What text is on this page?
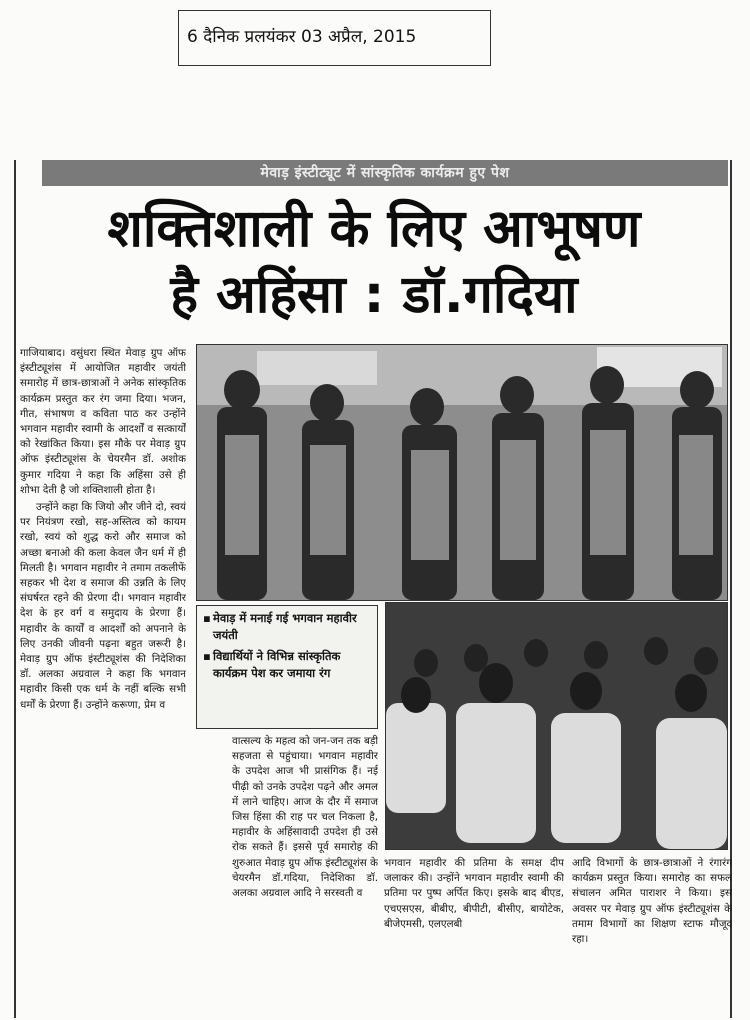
6 दैनिक प्रलयंकर 03 अप्रैल, 2015
मेवाड़ इंस्टीट्यूट में सांस्कृतिक कार्यक्रम हुए पेश
शक्तिशाली के लिए आभूषण
है अहिंसा : डॉ.गदिया

गाजियाबाद। वसुंधरा स्थित मेवाड़ ग्रुप ऑफ इंस्टीट्यूशंस में आयोजित महावीर जयंती समारोह में छात्र-छात्राओं ने अनेक सांस्कृतिक कार्यक्रम प्रस्तुत कर रंग जमा दिया। भजन, गीत, संभाषण व कविता पाठ कर उन्होंने भगवान महावीर स्वामी के आदर्शों व सत्कार्यों को रेखांकित किया। इस मौके पर मेवाड़ ग्रुप ऑफ इंस्टीट्यूशंस के चेयरमैन डॉ. अशोक कुमार गदिया ने कहा कि अहिंसा उसे ही शोभा देती है जो शक्तिशाली होता है।

उन्होंने कहा कि जियो और जीने दो, स्वयं पर नियंत्रण रखो, सह-अस्तित्व को कायम रखो, स्वयं को शुद्ध करो और समाज को अच्छा बनाओ की कला केवल जैन धर्म में ही मिलती है। भगवान महावीर ने तमाम तकलीफें सहकर भी देश व समाज की उन्नति के लिए संघर्षरत रहने की प्रेरणा दी। भगवान महावीर देश के हर वर्ग व समुदाय के प्रेरणा हैं। महावीर के कार्यों व आदर्शों को अपनाने के लिए उनकी जीवनी पढ़ना बहुत जरूरी है। मेवाड़ ग्रुप ऑफ इंस्टीट्यूशंस की निदेशिका डॉ. अलका अग्रवाल ने कहा कि भगवान महावीर किसी एक धर्म के नहीं बल्कि सभी धर्मों के प्रेरणा हैं। उन्होंने करूणा, प्रेम व

▪ मेवाड़ में मनाई गई भगवान महावीर जयंती
▪ विद्यार्थियों ने विभिन्न सांस्कृतिक कार्यक्रम पेश कर जमाया रंग

वात्सल्य के महत्व को जन-जन तक बड़ी सहजता से पहुंचाया। भगवान महावीर के उपदेश आज भी प्रासंगिक हैं। नई पीढ़ी को उनके उपदेश पढ़ने और अमल में लाने चाहिए। आज के दौर में समाज जिस हिंसा की राह पर चल निकला है, महावीर के अहिंसावादी उपदेश ही उसे रोक सकते हैं। इससे पूर्व समारोह की शुरुआत मेवाड़ ग्रुप ऑफ इंस्टीट्यूशंस के चेयरमैन डॉ.गदिया, निदेशिका डॉ. अलका अग्रवाल आदि ने सरस्वती व

भगवान महावीर की प्रतिमा के समक्ष दीप जलाकर की। उन्होंने भगवान महावीर स्वामी की प्रतिमा पर पुष्प अर्पित किए। इसके बाद बीएड, एचएसएस, बीबीए, बीपीटी, बीसीए, बायोटेक, बीजेएमसी, एलएलबी

आदि विभागों के छात्र-छात्राओं ने रंगारंग कार्यक्रम प्रस्तुत किया। समारोह का सफल संचालन अमित पाराशर ने किया। इस अवसर पर मेवाड़ ग्रुप ऑफ इंस्टीट्यूशंस के तमाम विभागों का शिक्षण स्टाफ मौजूद रहा।
